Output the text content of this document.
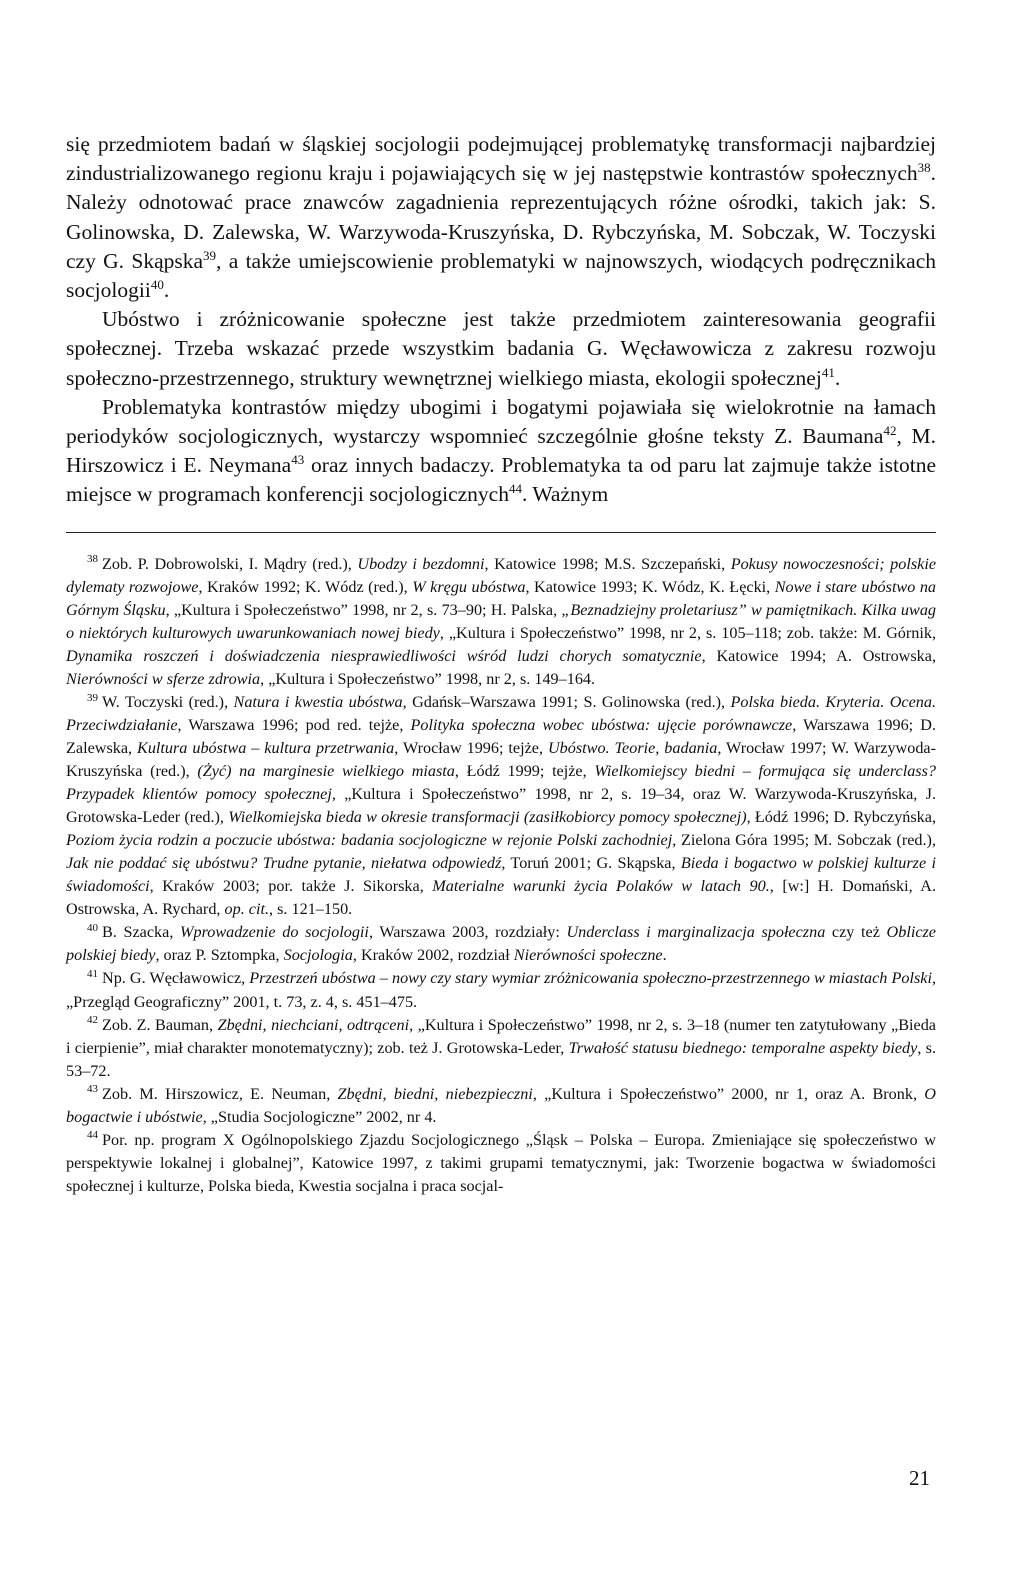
się przedmiotem badań w śląskiej socjologii podejmującej problematykę transformacji najbardziej zindustrializowanego regionu kraju i pojawiających się w jej następstwie kontrastów społecznych$^{38}$. Należy odnotować prace znawców zagadnienia reprezentujących różne ośrodki, takich jak: S. Golinowska, D. Zalewska, W. Warzywoda-Kruszyńska, D. Rybczyńska, M. Sobczak, W. Toczyski czy G. Skąpska$^{39}$, a także umiejscowienie problematyki w najnowszych, wiodących podręcznikach socjologii$^{40}$.

Ubóstwo i zróżnicowanie społeczne jest także przedmiotem zainteresowania geografii społecznej. Trzeba wskazać przede wszystkim badania G. Węcławowicza z zakresu rozwoju społeczno-przestrzennego, struktury wewnętrznej wielkiego miasta, ekologii społecznej$^{41}$.

Problematyka kontrastów między ubogimi i bogatymi pojawiała się wielokrotnie na łamach periodyków socjologicznych, wystarczy wspomnieć szczególnie głośne teksty Z. Baumana$^{42}$, M. Hirszowicz i E. Neymana$^{43}$ oraz innych badaczy. Problematyka ta od paru lat zajmuje także istotne miejsce w programach konferencji socjologicznych$^{44}$. Ważnym

$^{38}$ Zob. P. Dobrowolski, I. Mądry (red.), Ubodzy i bezdomni, Katowice 1998; M.S. Szczepański, Pokusy nowoczesności; polskie dylematy rozwojowe, Kraków 1992; K. Wódz (red.), W kręgu ubóstwa, Katowice 1993; K. Wódz, K. Łęcki, Nowe i stare ubóstwo na Górnym Śląsku, „Kultura i Społeczeństwo” 1998, nr 2, s. 73–90; H. Palska, „Beznadziejny proletariusz” w pamiętnikach. Kilka uwag o niektórych kulturowych uwarunkowaniach nowej biedy, „Kultura i Społeczeństwo” 1998, nr 2, s. 105–118; zob. także: M. Górnik, Dynamika roszczeń i doświadczenia niesprawiedliwości wśród ludzi chorych somatycznie, Katowice 1994; A. Ostrowska, Nierówności w sferze zdrowia, „Kultura i Społeczeństwo” 1998, nr 2, s. 149–164.

$^{39}$ W. Toczyski (red.), Natura i kwestia ubóstwa, Gdańsk–Warszawa 1991; S. Golinowska (red.), Polska bieda. Kryteria. Ocena. Przeciwdziałanie, Warszawa 1996; pod red. tejże, Polityka społeczna wobec ubóstwa: ujęcie porównawcze, Warszawa 1996; D. Zalewska, Kultura ubóstwa – kultura przetrwania, Wrocław 1996; tejże, Ubóstwo. Teorie, badania, Wrocław 1997; W. Warzywoda-Kruszyńska (red.), (Żyć) na marginesie wielkiego miasta, Łódź 1999; tejże, Wielkomiejscy biedni – formująca się underclass? Przypadek klientów pomocy społecznej, „Kultura i Społeczeństwo” 1998, nr 2, s. 19–34, oraz W. Warzywoda-Kruszyńska, J. Grotowska-Leder (red.), Wielkomiejska bieda w okresie transformacji (zasiłkobiorcy pomocy społecznej), Łódź 1996; D. Rybczyńska, Poziom życia rodzin a poczucie ubóstwa: badania socjologiczne w rejonie Polski zachodniej, Zielona Góra 1995; M. Sobczak (red.), Jak nie poddać się ubóstwu? Trudne pytanie, niełatwa odpowiedź, Toruń 2001; G. Skąpska, Bieda i bogactwo w polskiej kulturze i świadomości, Kraków 2003; por. także J. Sikorska, Materialne warunki życia Polaków w latach 90., [w:] H. Domański, A. Ostrowska, A. Rychard, op. cit., s. 121–150.

$^{40}$ B. Szacka, Wprowadzenie do socjologii, Warszawa 2003, rozdziały: Underclass i marginalizacja społeczna czy też Oblicze polskiej biedy, oraz P. Sztompka, Socjologia, Kraków 2002, rozdział Nierówności społeczne.

$^{41}$ Np. G. Węcławowicz, Przestrzeń ubóstwa – nowy czy stary wymiar zróżnicowania społeczno-przestrzennego w miastach Polski, „Przegląd Geograficzny” 2001, t. 73, z. 4, s. 451–475.

$^{42}$ Zob. Z. Bauman, Zbędni, niechciani, odtrąceni, „Kultura i Społeczeństwo” 1998, nr 2, s. 3–18 (numer ten zatytułowany „Bieda i cierpienie”, miał charakter monotematyczny); zob. też J. Grotowska-Leder, Trwałość statusu biednego: temporalne aspekty biedy, s. 53–72.

$^{43}$ Zob. M. Hirszowicz, E. Neuman, Zbędni, biedni, niebezpieczni, „Kultura i Społeczeństwo” 2000, nr 1, oraz A. Bronk, O bogactwie i ubóstwie, „Studia Socjologiczne” 2002, nr 4.

$^{44}$ Por. np. program X Ogólnopolskiego Zjazdu Socjologicznego „Śląsk – Polska – Europa. Zmieniające się społeczeństwo w perspektywie lokalnej i globalnej”, Katowice 1997, z takimi grupami tematycznymi, jak: Tworzenie bogactwa w świadomości społecznej i kulturze, Polska bieda, Kwestia socjalna i praca socjal-

21
